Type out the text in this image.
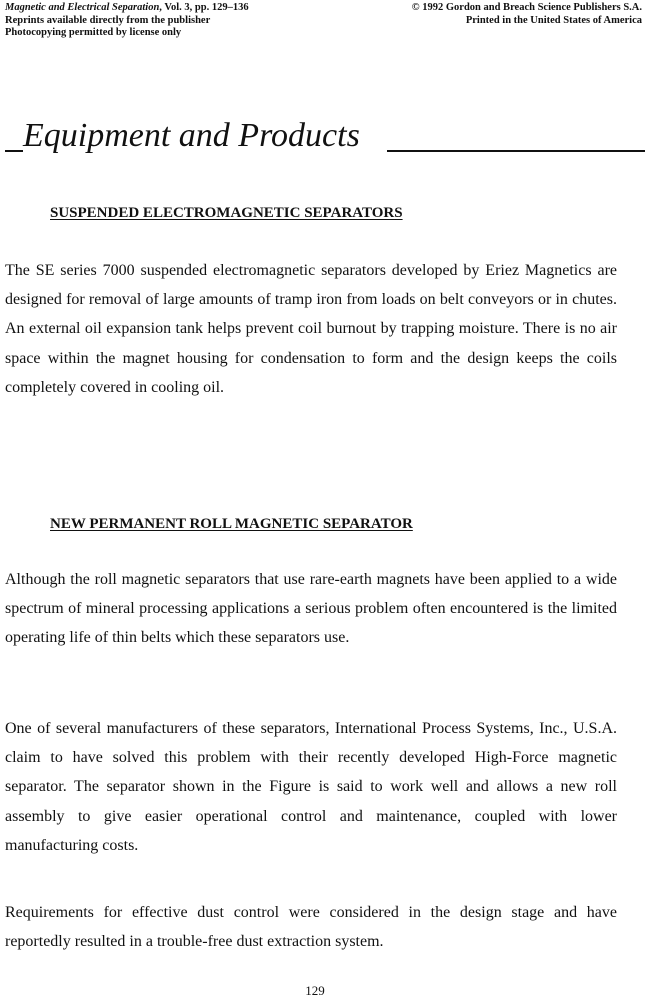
Magnetic and Electrical Separation, Vol. 3, pp. 129–136
Reprints available directly from the publisher
Photocopying permitted by license only
© 1992 Gordon and Breach Science Publishers S.A.
Printed in the United States of America
Equipment and Products
SUSPENDED ELECTROMAGNETIC SEPARATORS

The SE series 7000 suspended electromagnetic separators developed by Eriez Magnetics are designed for removal of large amounts of tramp iron from loads on belt conveyors or in chutes. An external oil expansion tank helps prevent coil burnout by trapping moisture. There is no air space within the magnet housing for condensation to form and the design keeps the coils completely covered in cooling oil.

NEW PERMANENT ROLL MAGNETIC SEPARATOR

Although the roll magnetic separators that use rare-earth magnets have been applied to a wide spectrum of mineral processing applications a serious problem often encountered is the limited operating life of thin belts which these separators use.

One of several manufacturers of these separators, International Process Systems, Inc., U.S.A. claim to have solved this problem with their recently developed High-Force magnetic separator. The separator shown in the Figure is said to work well and allows a new roll assembly to give easier operational control and maintenance, coupled with lower manufacturing costs.

Requirements for effective dust control were considered in the design stage and have reportedly resulted in a trouble-free dust extraction system.

129
